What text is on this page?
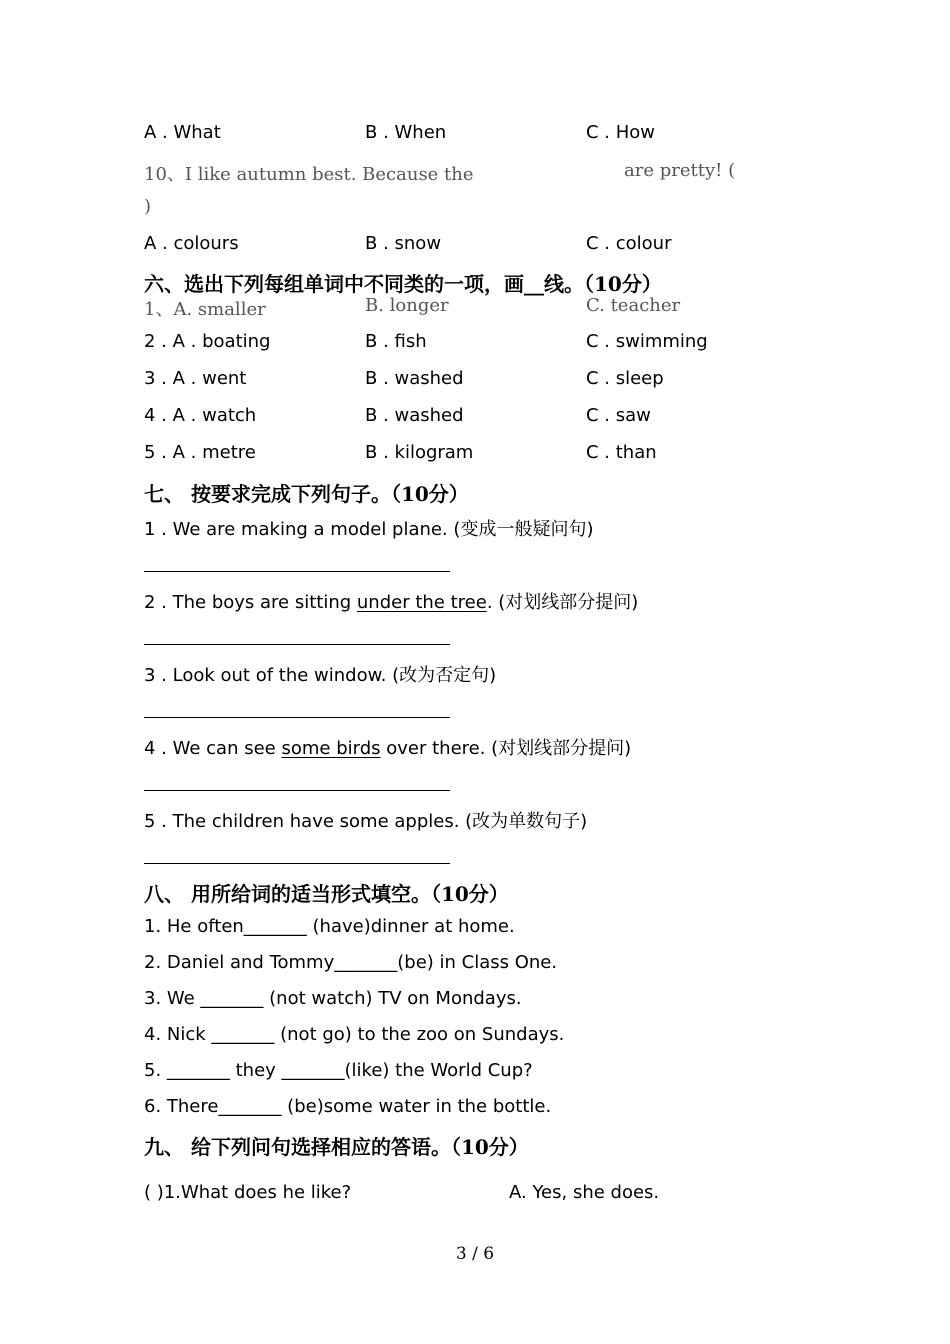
A . What	B . When	C . How
10、I like autumn best. Because the	are pretty! (
)
A . colours	B . snow	C . colour
六、选出下列每组单词中不同类的一项，画__线。（10分）
1、A. smaller	B. longer	C. teacher
2 . A . boating	B . fish	C . swimming
3 . A . went	B . washed	C . sleep
4 . A . watch	B . washed	C . saw
5 . A . metre	B . kilogram	C . than
七、 按要求完成下列句子。（10分）
1 . We are making a model plane. (变成一般疑问句)
2 . The boys are sitting under the tree. (对划线部分提问)
3 . Look out of the window. (改为否定句)
4 . We can see some birds over there. (对划线部分提问)
5 . The children have some apples. (改为单数句子)
八、 用所给词的适当形式填空。（10分）
1. He often_______ (have)dinner at home.
2. Daniel and Tommy_______(be) in Class One.
3. We _______ (not watch) TV on Mondays.
4. Nick _______ (not go) to the zoo on Sundays.
5. _______ they _______(like) the World Cup?
6. There_______ (be)some water in the bottle.
九、 给下列问句选择相应的答语。（10分）
( )1.What does he like?	A. Yes, she does.
3 / 6
